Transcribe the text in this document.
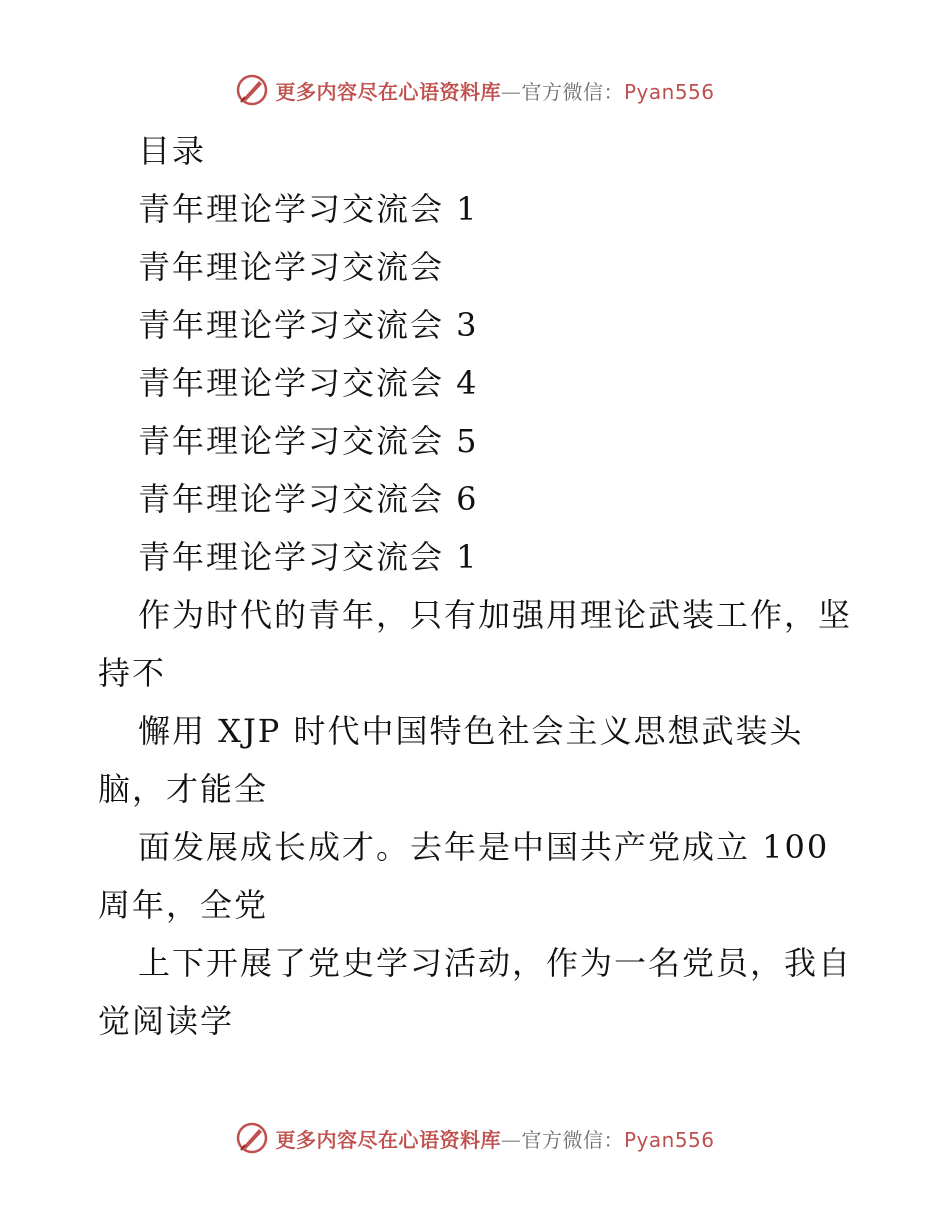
更多内容尽在心语资料库—官方微信：Pyan556
目录
青年理论学习交流会 1
青年理论学习交流会
青年理论学习交流会 3
青年理论学习交流会 4
青年理论学习交流会 5
青年理论学习交流会 6
青年理论学习交流会 1
作为时代的青年，只有加强用理论武装工作，坚
持不
懈用 XJP 时代中国特色社会主义思想武装头
脑，才能全
面发展成长成才。去年是中国共产党成立 100
周年，全党
上下开展了党史学习活动，作为一名党员，我自
觉阅读学
更多内容尽在心语资料库—官方微信：Pyan556
